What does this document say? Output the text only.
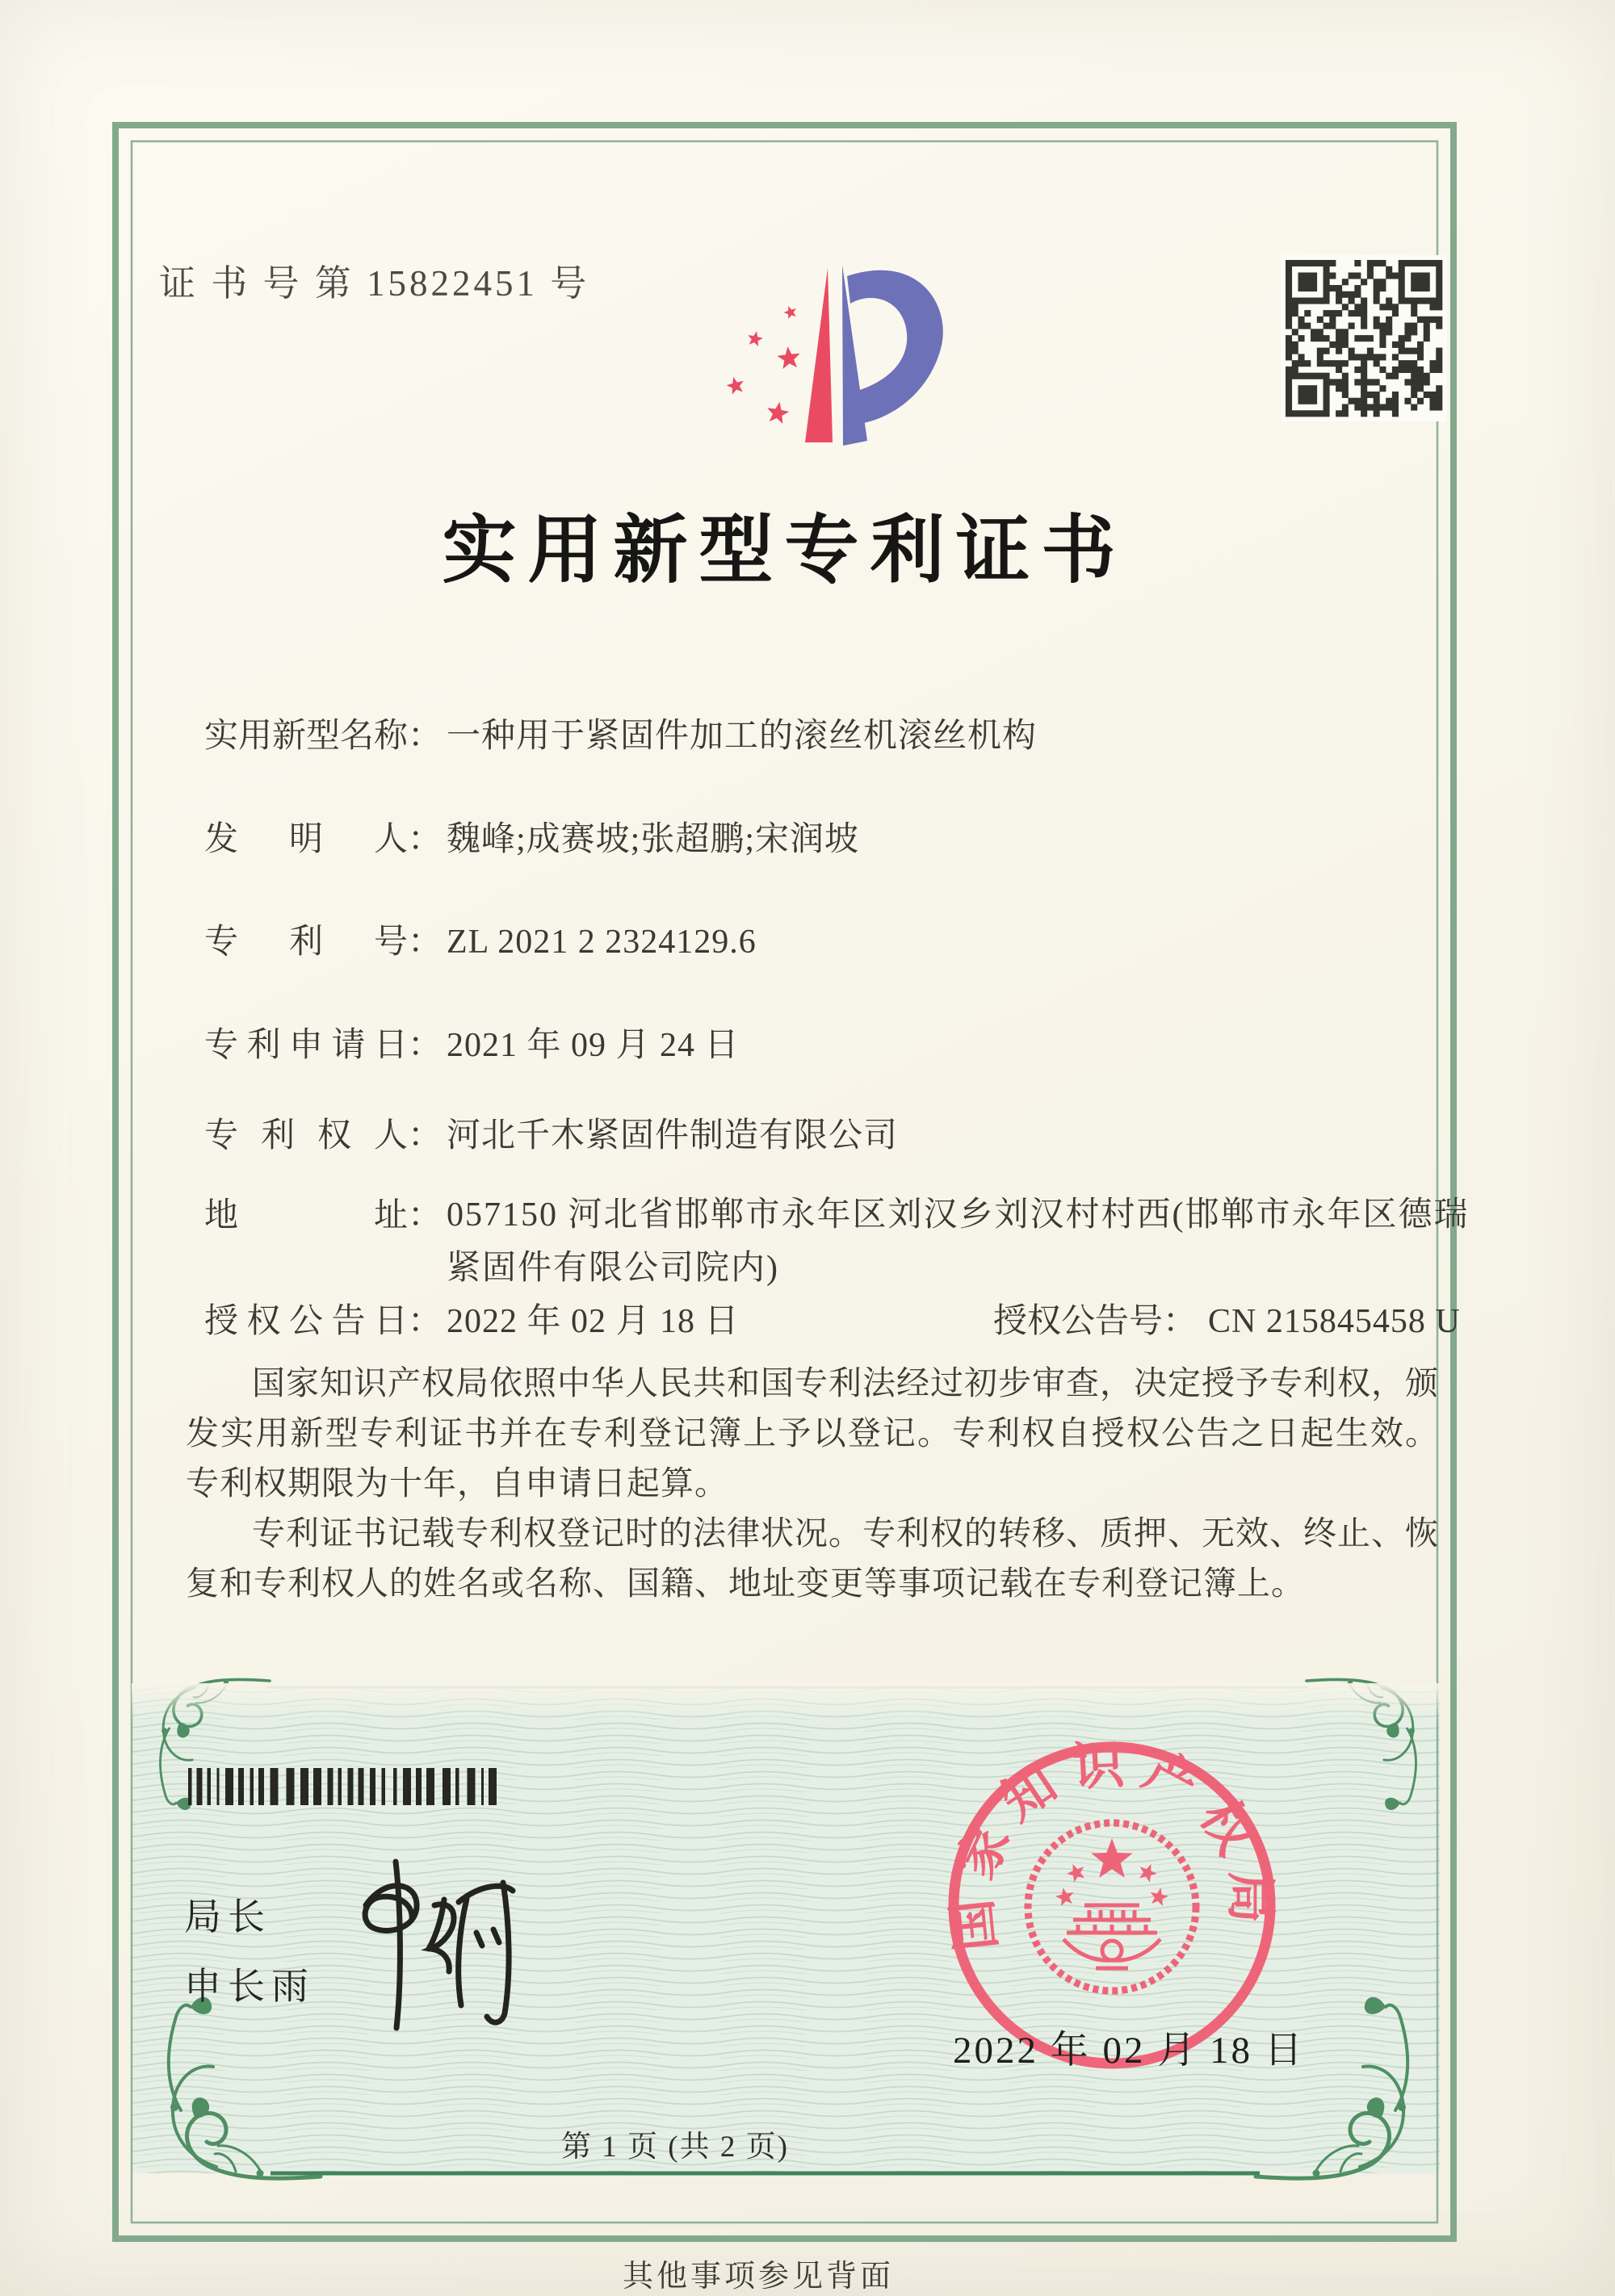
国家知识产权局
证 书 号 第 15822451 号
实用新型专利证书
实用新型名称： 一种用于紧固件加工的滚丝机滚丝机构
发明人： 魏峰;成赛坡;张超鹏;宋润坡
专利号： ZL 2021 2 2324129.6
专利申请日： 2021 年 09 月 24 日
专利权人： 河北千木紧固件制造有限公司
地址： 057150 河北省邯郸市永年区刘汉乡刘汉村村西(邯郸市永年区德瑞紧固件有限公司院内)
授权公告日： 2022 年 02 月 18 日	授权公告号： CN 215845458 U

国家知识产权局依照中华人民共和国专利法经过初步审查，决定授予专利权，颁发实用新型专利证书并在专利登记簿上予以登记。专利权自授权公告之日起生效。专利权期限为十年，自申请日起算。

专利证书记载专利权登记时的法律状况。专利权的转移、质押、无效、终止、恢复和专利权人的姓名或名称、国籍、地址变更等事项记载在专利登记簿上。

局长
申长雨
2022 年 02 月 18 日
第 1 页 (共 2 页)
其他事项参见背面
